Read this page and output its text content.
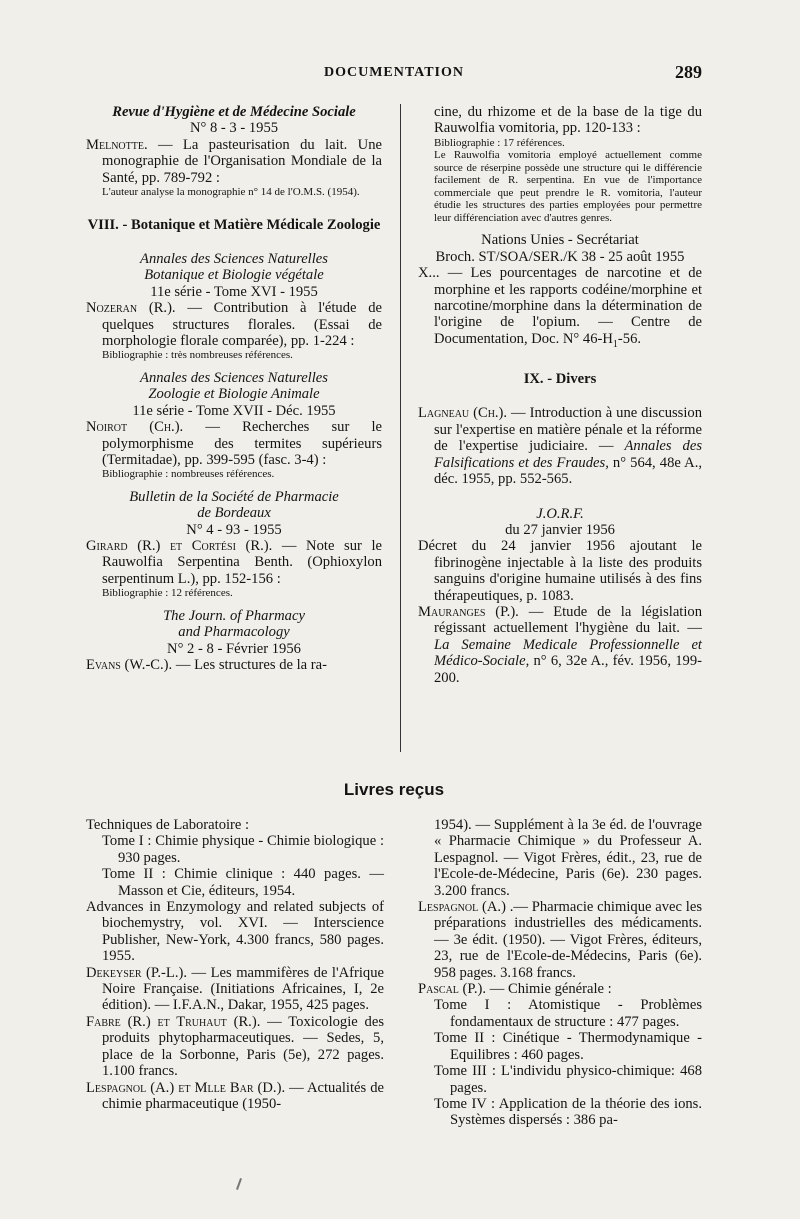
DOCUMENTATION	289
Revue d'Hygiène et de Médecine Sociale
N° 8 - 3 - 1955
Melnotte. — La pasteurisation du lait. Une monographie de l'Organisation Mondiale de la Santé, pp. 789-792 :
L'auteur analyse la monographie n° 14 de l'O.M.S. (1954).
VIII. - Botanique et Matière Médicale Zoologie
Annales des Sciences Naturelles
Botanique et Biologie végétale
11e série - Tome XVI - 1955
Nozeran (R.). — Contribution à l'étude de quelques structures florales. (Essai de morphologie florale comparée), pp. 1-224 :
Bibliographie : très nombreuses références.
Annales des Sciences Naturelles
Zoologie et Biologie Animale
11e série - Tome XVII - Déc. 1955
Noirot (Ch.). — Recherches sur le polymorphisme des termites supérieurs (Termitadae), pp. 399-595 (fasc. 3-4) :
Bibliographie : nombreuses références.
Bulletin de la Société de Pharmacie
de Bordeaux
N° 4 - 93 - 1955
Girard (R.) et Cortési (R.). — Note sur le Rauwolfia Serpentina Benth. (Ophioxylon serpentinum L.), pp. 152-156 :
Bibliographie : 12 références.
The Journ. of Pharmacy
and Pharmacology
N° 2 - 8 - Février 1956
Evans (W.-C.). — Les structures de la ra-
cine, du rhizome et de la base de la tige du Rauwolfia vomitoria, pp. 120-133 :
Bibliographie : 17 références.
Le Rauwolfia vomitoria employé actuellement comme source de réserpine possède une structure qui le différencie facilement de R. serpentina. En vue de l'importance commerciale que peut prendre le R. vomitoria, l'auteur étudie les structures des parties employées pour permettre leur différenciation avec d'autres genres.
Nations Unies - Secrétariat
Broch. ST/SOA/SER./K 38 - 25 août 1955
X... — Les pourcentages de narcotine et de morphine et les rapports codéine/morphine et narcotine/morphine dans la détermination de l'origine de l'opium. — Centre de Documentation, Doc. N° $46-H_1-56$.
IX. - Divers
Lagneau (Ch.). — Introduction à une discussion sur l'expertise en matière pénale et la réforme de l'expertise judiciaire. — Annales des Falsifications et des Fraudes, n° 564, 48e A., déc. 1955, pp. 552-565.
J.O.R.F.
du 27 janvier 1956
Décret du 24 janvier 1956 ajoutant le fibrinogène injectable à la liste des produits sanguins d'origine humaine utilisés à des fins thérapeutiques, p. 1083.
Mauranges (P.). — Etude de la législation régissant actuellement l'hygiène du lait. — La Semaine Medicale Professionnelle et Médico-Sociale, n° 6, 32e A., fév. 1956, 199-200.
Livres reçus
Techniques de Laboratoire :
Tome I : Chimie physique - Chimie biologique : 930 pages.
Tome II : Chimie clinique : 440 pages. — Masson et Cie, éditeurs, 1954.
Advances in Enzymology and related subjects of biochemystry, vol. XVI. — Interscience Publisher, New-York, 4.300 francs, 580 pages. 1955.
Dekeyser (P.-L.). — Les mammifères de l'Afrique Noire Française. (Initiations Africaines, I, 2e édition). — I.F.A.N., Dakar, 1955, 425 pages.
Fabre (R.) et Truhaut (R.). — Toxicologie des produits phytopharmaceutiques. — Sedes, 5, place de la Sorbonne, Paris (5e), 272 pages. 1.100 francs.
Lespagnol (A.) et Mlle Bar (D.). — Actualités de chimie pharmaceutique (1950-
1954). — Supplément à la 3e éd. de l'ouvrage « Pharmacie Chimique » du Professeur A. Lespagnol. — Vigot Frères, édit., 23, rue de l'Ecole-de-Médecine, Paris (6e). 230 pages. 3.200 francs.
Lespagnol (A.) .— Pharmacie chimique avec les préparations industrielles des médicaments. — 3e édit. (1950). — Vigot Frères, éditeurs, 23, rue de l'Ecole-de-Médecins, Paris (6e). 958 pages. 3.168 francs.
Pascal (P.). — Chimie générale :
Tome I : Atomistique - Problèmes fondamentaux de structure : 477 pages.
Tome II : Cinétique - Thermodynamique - Equilibres : 460 pages.
Tome III : L'individu physico-chimique: 468 pages.
Tome IV : Application de la théorie des ions. Systèmes dispersés : 386 pa-
